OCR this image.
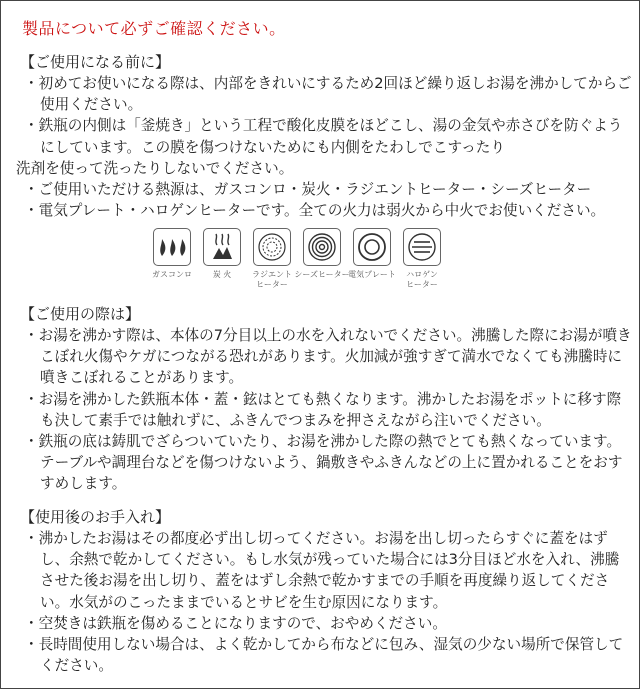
製品について必ずご確認ください。
【ご使用になる前に】
・初めてお使いになる際は、内部をきれいにするため2回ほど繰り返しお湯を沸かしてからご使用ください。
・鉄瓶の内側は「釜焼き」という工程で酸化皮膜をほどこし、湯の金気や赤さびを防ぐようにしています。この膜を傷つけないためにも内側をたわしでこすったり
洗剤を使って洗ったりしないでください。
・ご使用いただける熱源は、ガスコンロ・炭火・ラジエントヒーター・シーズヒーター
・電気プレート・ハロゲンヒーターです。全ての火力は弱火から中火でお使いください。
ガスコンロ	炭 火	ラジエント
ヒーター
シーズヒーター
電気プレート	ハロゲン
ヒーター
【ご使用の際は】
・お湯を沸かす際は、本体の7分目以上の水を入れないでください。沸騰した際にお湯が噴きこぼれ火傷やケガにつながる恐れがあります。火加減が強すぎて満水でなくても沸騰時に噴きこぼれることがあります。
・お湯を沸かした鉄瓶本体・蓋・鉉はとても熱くなります。沸かしたお湯をポットに移す際も決して素手では触れずに、ふきんでつまみを押さえながら注いでください。
・鉄瓶の底は鋳肌でざらついていたり、お湯を沸かした際の熱でとても熱くなっています。テーブルや調理台などを傷つけないよう、鍋敷きやふきんなどの上に置かれることをおすすめします。
【使用後のお手入れ】
・沸かしたお湯はその都度必ず出し切ってください。お湯を出し切ったらすぐに蓋をはずし、余熱で乾かしてください。もし水気が残っていた場合には3分目ほど水を入れ、沸騰させた後お湯を出し切り、蓋をはずし余熱で乾かすまでの手順を再度繰り返してください。水気がのこったままでいるとサビを生む原因になります。
・空焚きは鉄瓶を傷めることになりますので、おやめください。
・長時間使用しない場合は、よく乾かしてから布などに包み、湿気の少ない場所で保管してください。
